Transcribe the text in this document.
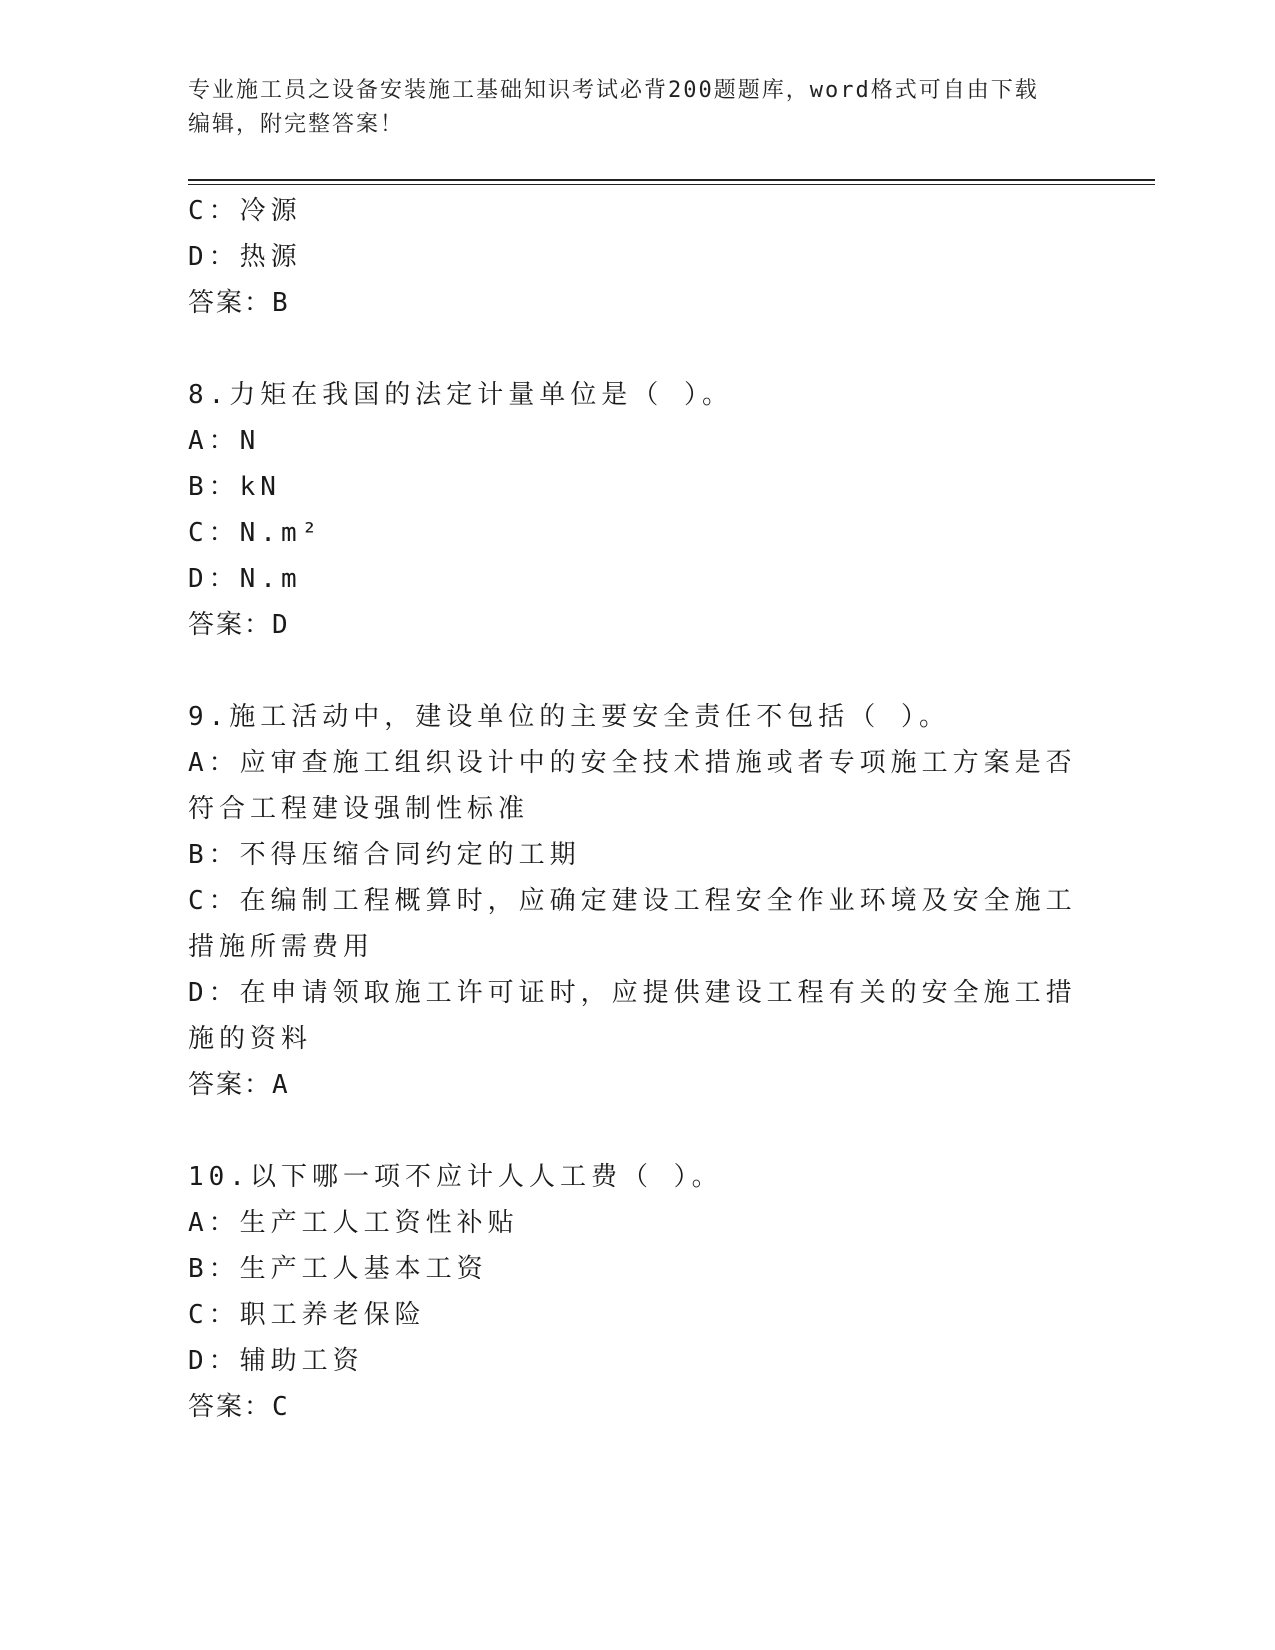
专业施工员之设备安装施工基础知识考试必背200题题库，word格式可自由下载
编辑，附完整答案！
C：冷源
D：热源
答案：B
8.力矩在我国的法定计量单位是（ ）。
A：N
B：kN
C：N.m²
D：N.m
答案：D
9.施工活动中，建设单位的主要安全责任不包括（ ）。
A：应审查施工组织设计中的安全技术措施或者专项施工方案是否符合工程建设强制性标准
B：不得压缩合同约定的工期
C：在编制工程概算时，应确定建设工程安全作业环境及安全施工措施所需费用
D：在申请领取施工许可证时，应提供建设工程有关的安全施工措施的资料
答案：A
10.以下哪一项不应计人人工费（ ）。
A：生产工人工资性补贴
B：生产工人基本工资
C：职工养老保险
D：辅助工资
答案：C
